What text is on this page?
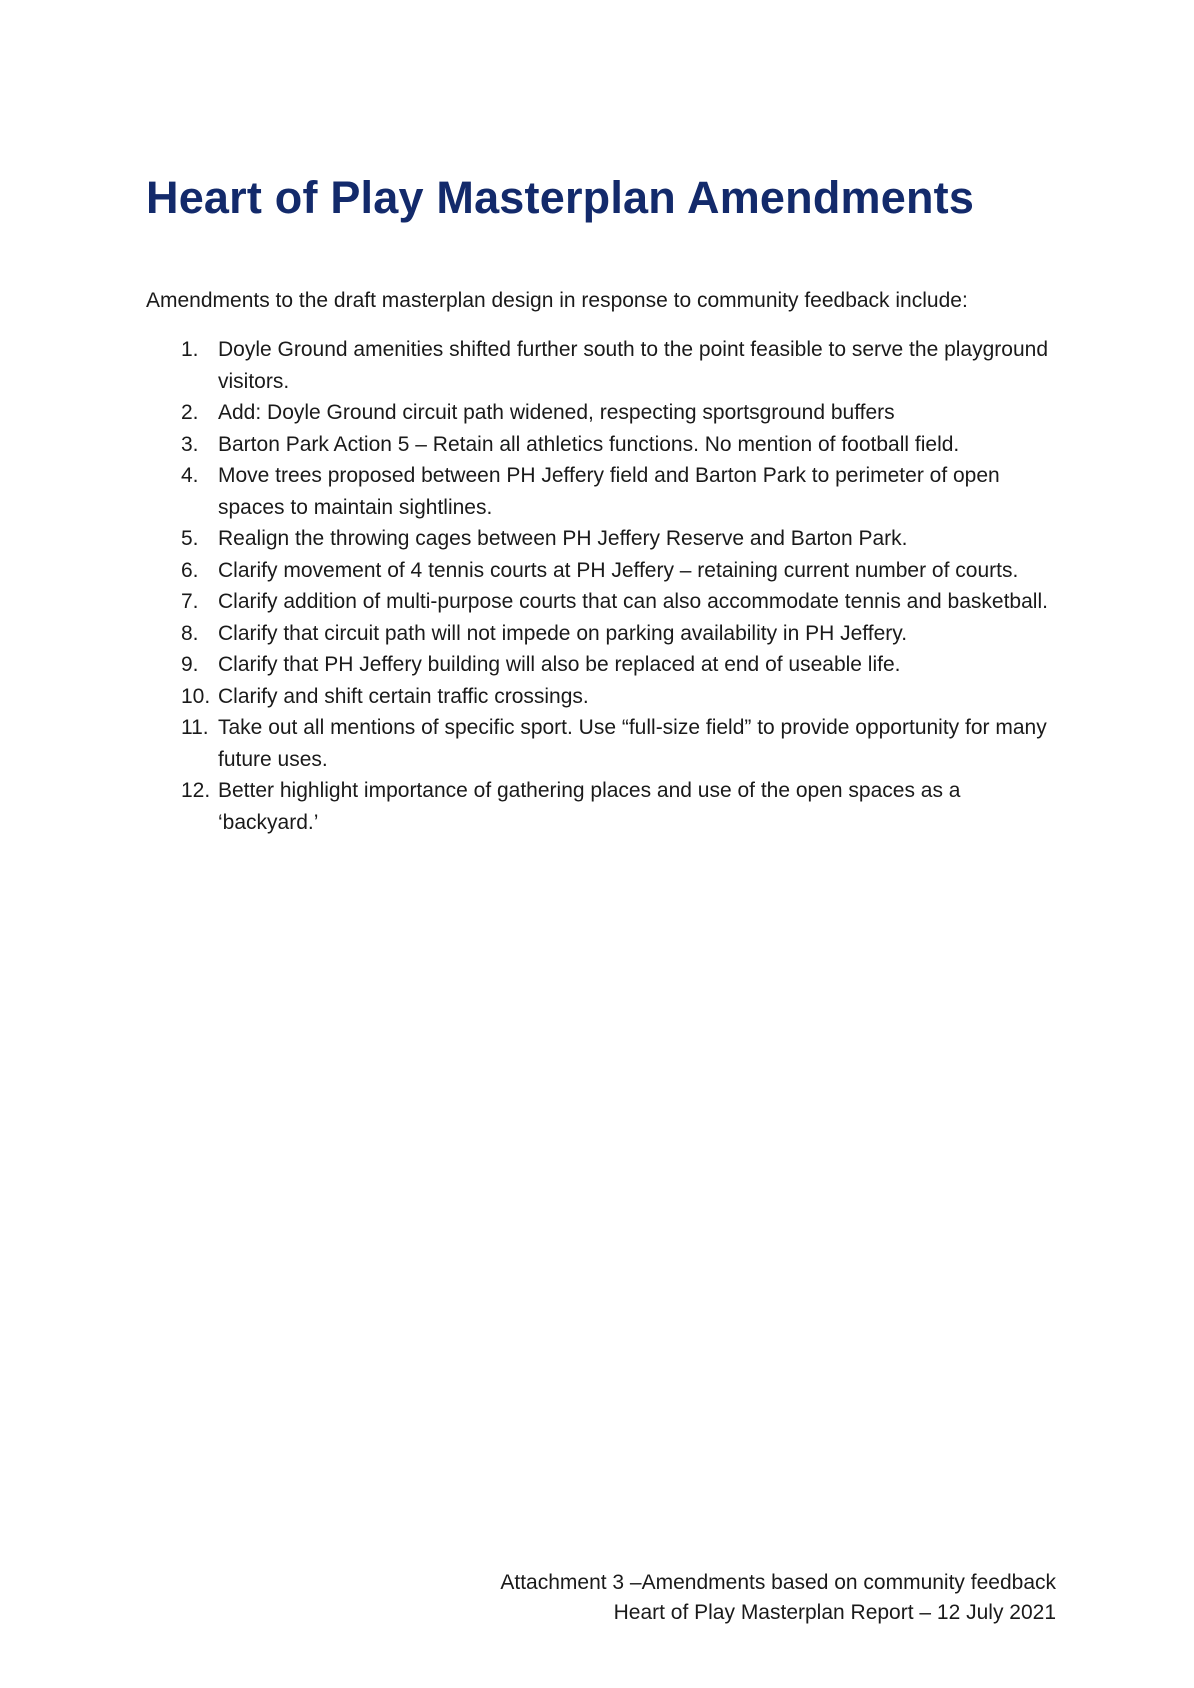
Heart of Play Masterplan Amendments

Amendments to the draft masterplan design in response to community feedback include:

1. Doyle Ground amenities shifted further south to the point feasible to serve the playground visitors.
2. Add: Doyle Ground circuit path widened, respecting sportsground buffers
3. Barton Park Action 5 – Retain all athletics functions. No mention of football field.
4. Move trees proposed between PH Jeffery field and Barton Park to perimeter of open spaces to maintain sightlines.
5. Realign the throwing cages between PH Jeffery Reserve and Barton Park.
6. Clarify movement of 4 tennis courts at PH Jeffery – retaining current number of courts.
7. Clarify addition of multi-purpose courts that can also accommodate tennis and basketball.
8. Clarify that circuit path will not impede on parking availability in PH Jeffery.
9. Clarify that PH Jeffery building will also be replaced at end of useable life.
10. Clarify and shift certain traffic crossings.
11. Take out all mentions of specific sport. Use “full-size field” to provide opportunity for many future uses.
12. Better highlight importance of gathering places and use of the open spaces as a ‘backyard.’
Attachment 3 –Amendments based on community feedback
Heart of Play Masterplan Report – 12 July 2021
